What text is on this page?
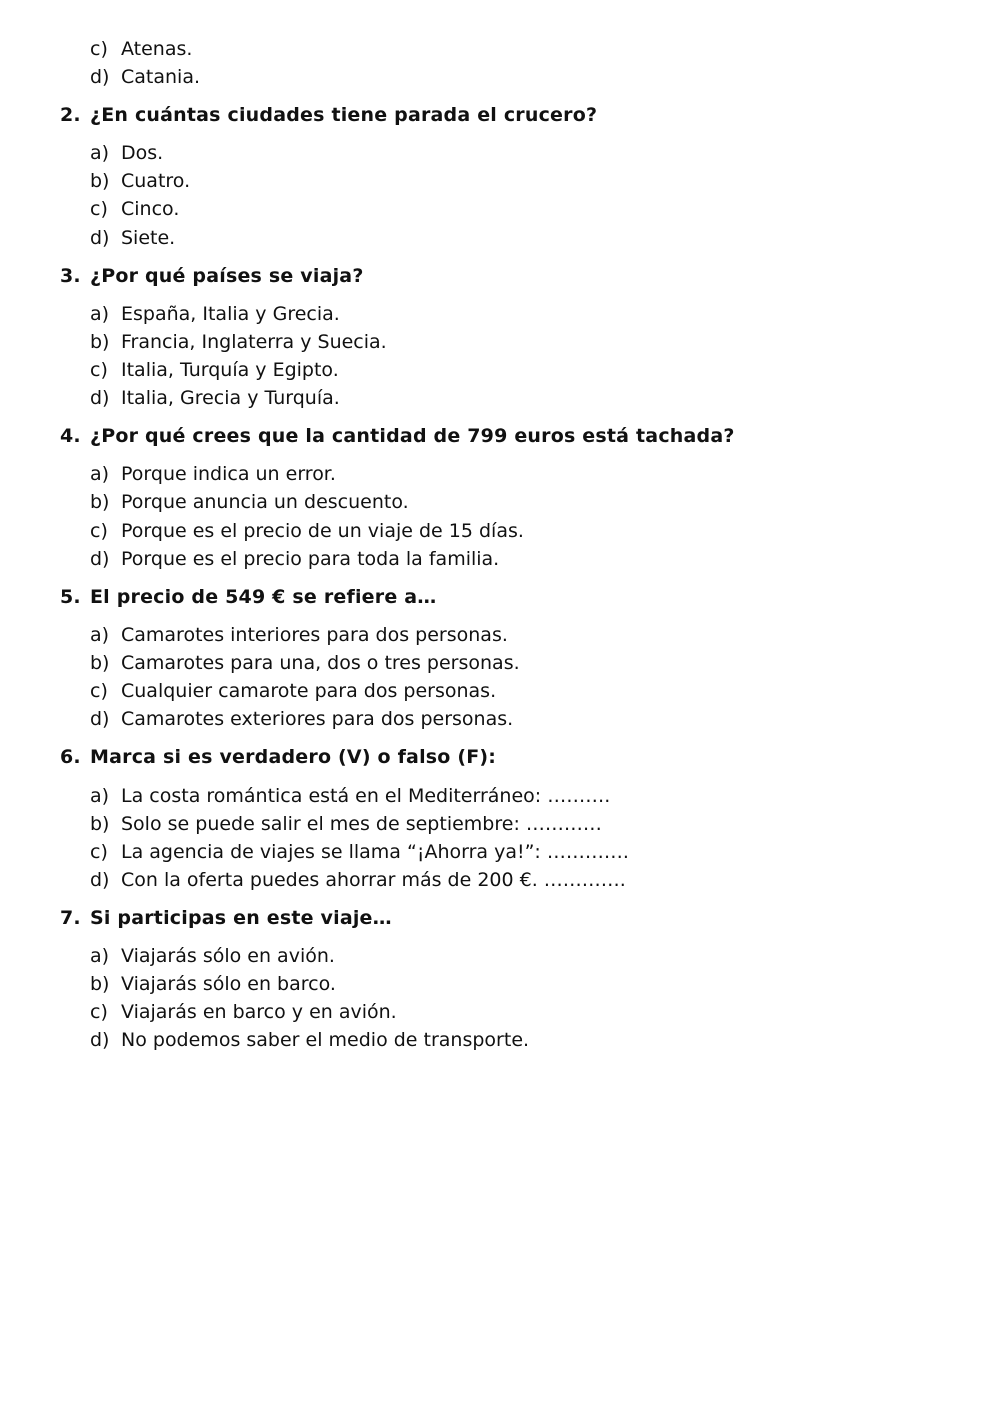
c) Atenas.
d) Catania.
2. ¿En cuántas ciudades tiene parada el crucero?
a) Dos.
b) Cuatro.
c) Cinco.
d) Siete.
3. ¿Por qué países se viaja?
a) España, Italia y Grecia.
b) Francia, Inglaterra y Suecia.
c) Italia, Turquía y Egipto.
d) Italia, Grecia y Turquía.
4. ¿Por qué crees que la cantidad de 799 euros está tachada?
a) Porque indica un error.
b) Porque anuncia un descuento.
c) Porque es el precio de un viaje de 15 días.
d) Porque es el precio para toda la familia.
5. El precio de 549 € se refiere a…
a) Camarotes interiores para dos personas.
b) Camarotes para una, dos o tres personas.
c) Cualquier camarote para dos personas.
d) Camarotes exteriores para dos personas.
6. Marca si es verdadero (V) o falso (F):
a) La costa romántica está en el Mediterráneo: ……….
b) Solo se puede salir el mes de septiembre: …………
c) La agencia de viajes se llama “¡Ahorra ya!”: ………….
d) Con la oferta puedes ahorrar más de 200 €. ………….
7. Si participas en este viaje…
a) Viajarás sólo en avión.
b) Viajarás sólo en barco.
c) Viajarás en barco y en avión.
d) No podemos saber el medio de transporte.
